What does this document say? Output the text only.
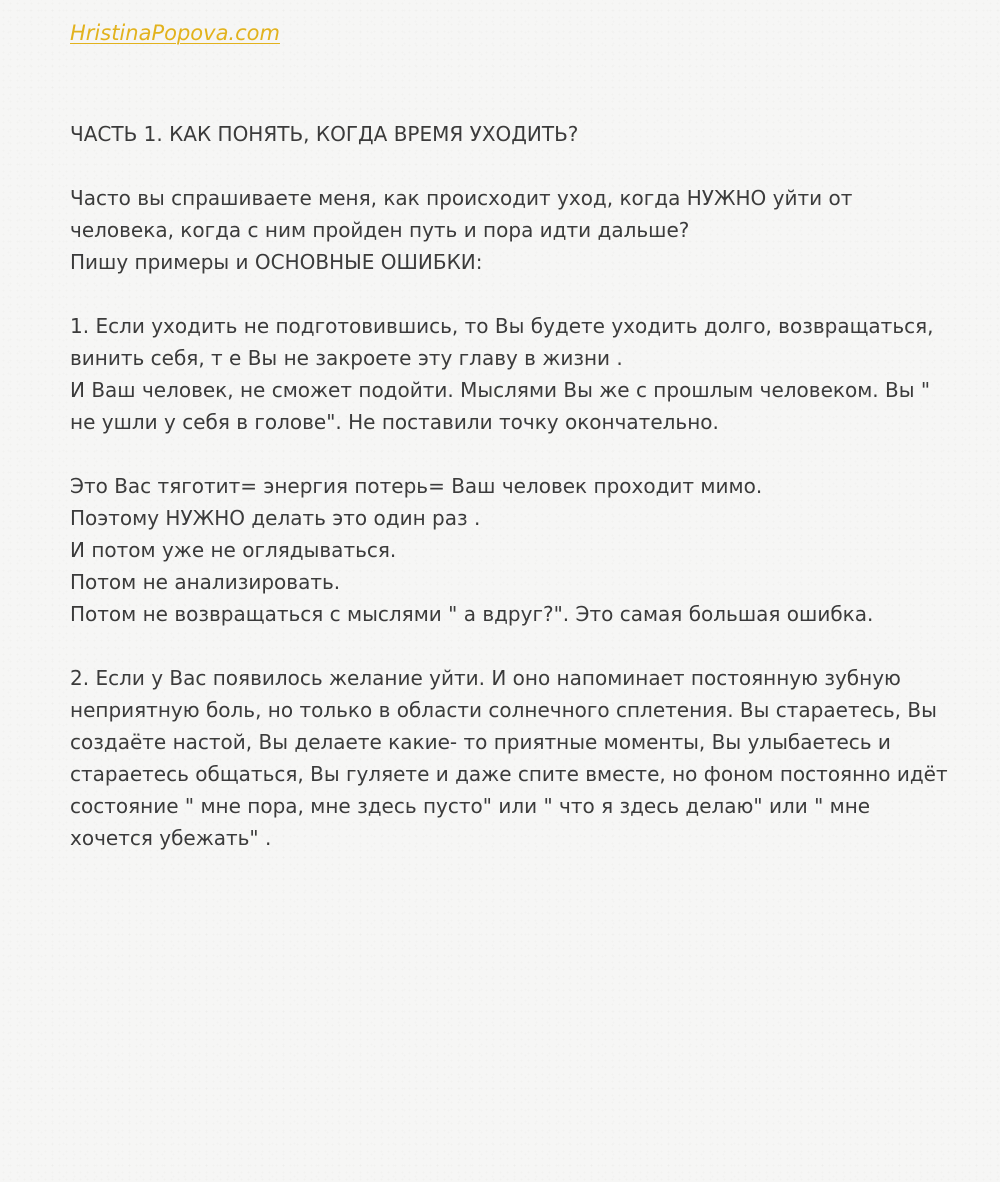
HristinaPopova.com

ЧАСТЬ 1. КАК ПОНЯТЬ, КОГДА ВРЕМЯ УХОДИТЬ?

Часто вы спрашиваете меня, как происходит уход, когда НУЖНО уйти от
человека, когда с ним пройден путь и пора идти дальше?
Пишу примеры и ОСНОВНЫЕ ОШИБКИ:

1. Если уходить не подготовившись, то Вы будете уходить долго, возвращаться,
винить себя, т е Вы не закроете эту главу в жизни .
И Ваш человек, не сможет подойти. Мыслями Вы же с прошлым человеком. Вы "
не ушли у себя в голове". Не поставили точку окончательно.

Это Вас тяготит= энергия потерь= Ваш человек проходит мимо.
Поэтому НУЖНО делать это один раз .
И потом уже не оглядываться.
Потом не анализировать.
Потом не возвращаться с мыслями " а вдруг?". Это самая большая ошибка.

2. Если у Вас появилось желание уйти. И оно напоминает постоянную зубную
неприятную боль, но только в области солнечного сплетения. Вы стараетесь, Вы
создаёте настой, Вы делаете какие- то приятные моменты, Вы улыбаетесь и
стараетесь общаться, Вы гуляете и даже спите вместе, но фоном постоянно идёт
состояние " мне пора, мне здесь пусто" или " что я здесь делаю" или " мне
хочется убежать" .
